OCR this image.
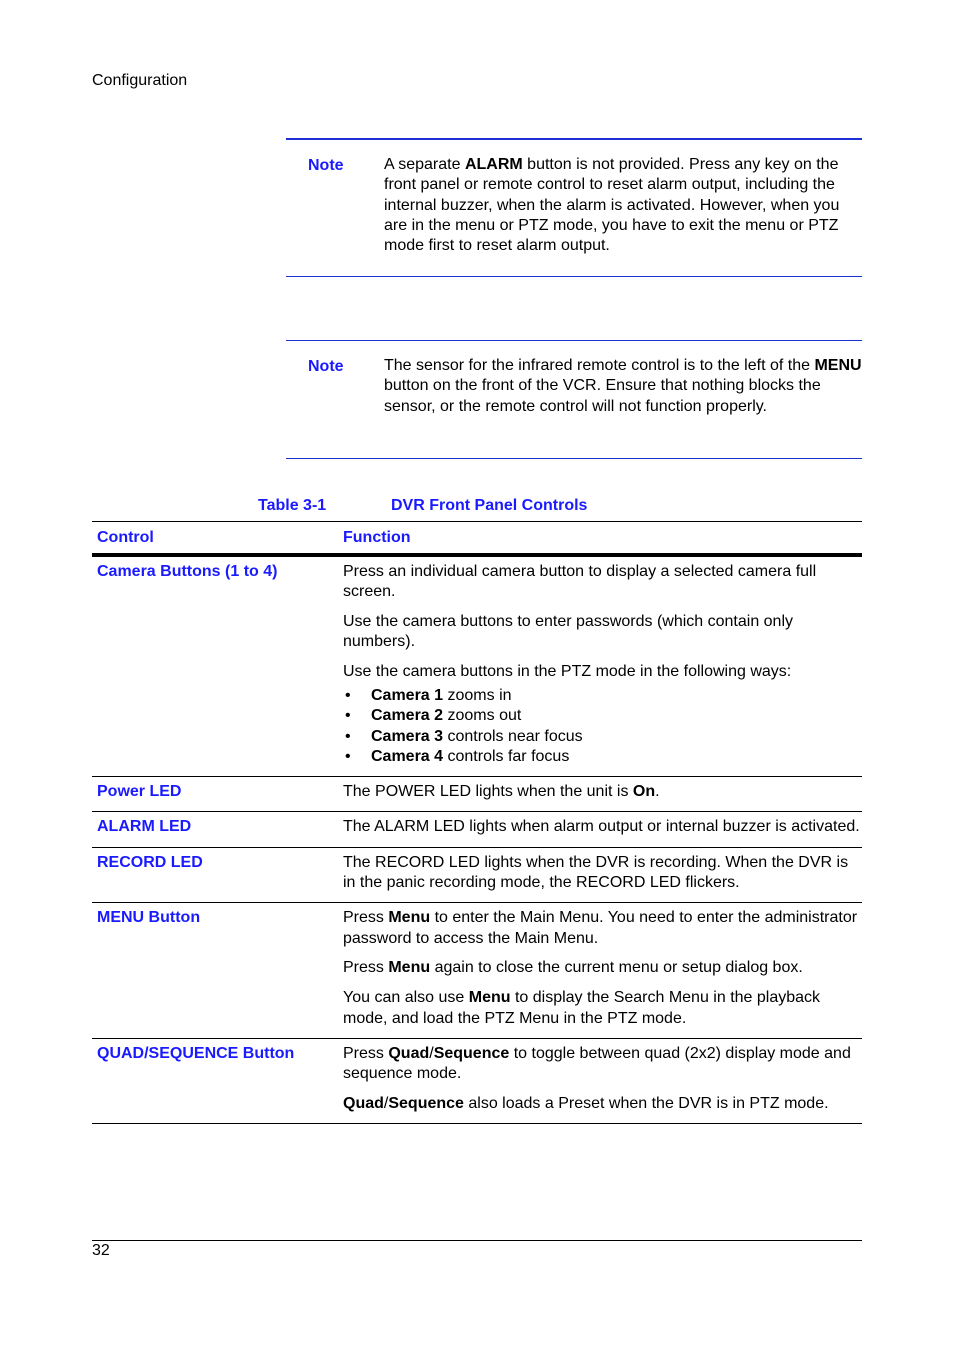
Configuration
Note	A separate ALARM button is not provided. Press any key on the front panel or remote control to reset alarm output, including the internal buzzer, when the alarm is activated. However, when you are in the menu or PTZ mode, you have to exit the menu or PTZ mode first to reset alarm output.
Note	The sensor for the infrared remote control is to the left of the MENU button on the front of the VCR. Ensure that nothing blocks the sensor, or the remote control will not function properly.
Table 3-1	DVR Front Panel Controls
Control	Function
Camera Buttons (1 to 4)	Press an individual camera button to display a selected camera full screen.

Use the camera buttons to enter passwords (which contain only numbers).

Use the camera buttons in the PTZ mode in the following ways:

• Camera 1 zooms in
• Camera 2 zooms out
• Camera 3 controls near focus
• Camera 4 controls far focus
Power LED	The POWER LED lights when the unit is On.

ALARM LED	The ALARM LED lights when alarm output or internal buzzer is activated.

RECORD LED	The RECORD LED lights when the DVR is recording. When the DVR is in the panic recording mode, the RECORD LED flickers.

MENU Button	Press Menu to enter the Main Menu. You need to enter the administrator password to access the Main Menu.

Press Menu again to close the current menu or setup dialog box.

You can also use Menu to display the Search Menu in the playback mode, and load the PTZ Menu in the PTZ mode.

QUAD/SEQUENCE Button	Press Quad/Sequence to toggle between quad (2x2) display mode and sequence mode.

Quad/Sequence also loads a Preset when the DVR is in PTZ mode.

32
